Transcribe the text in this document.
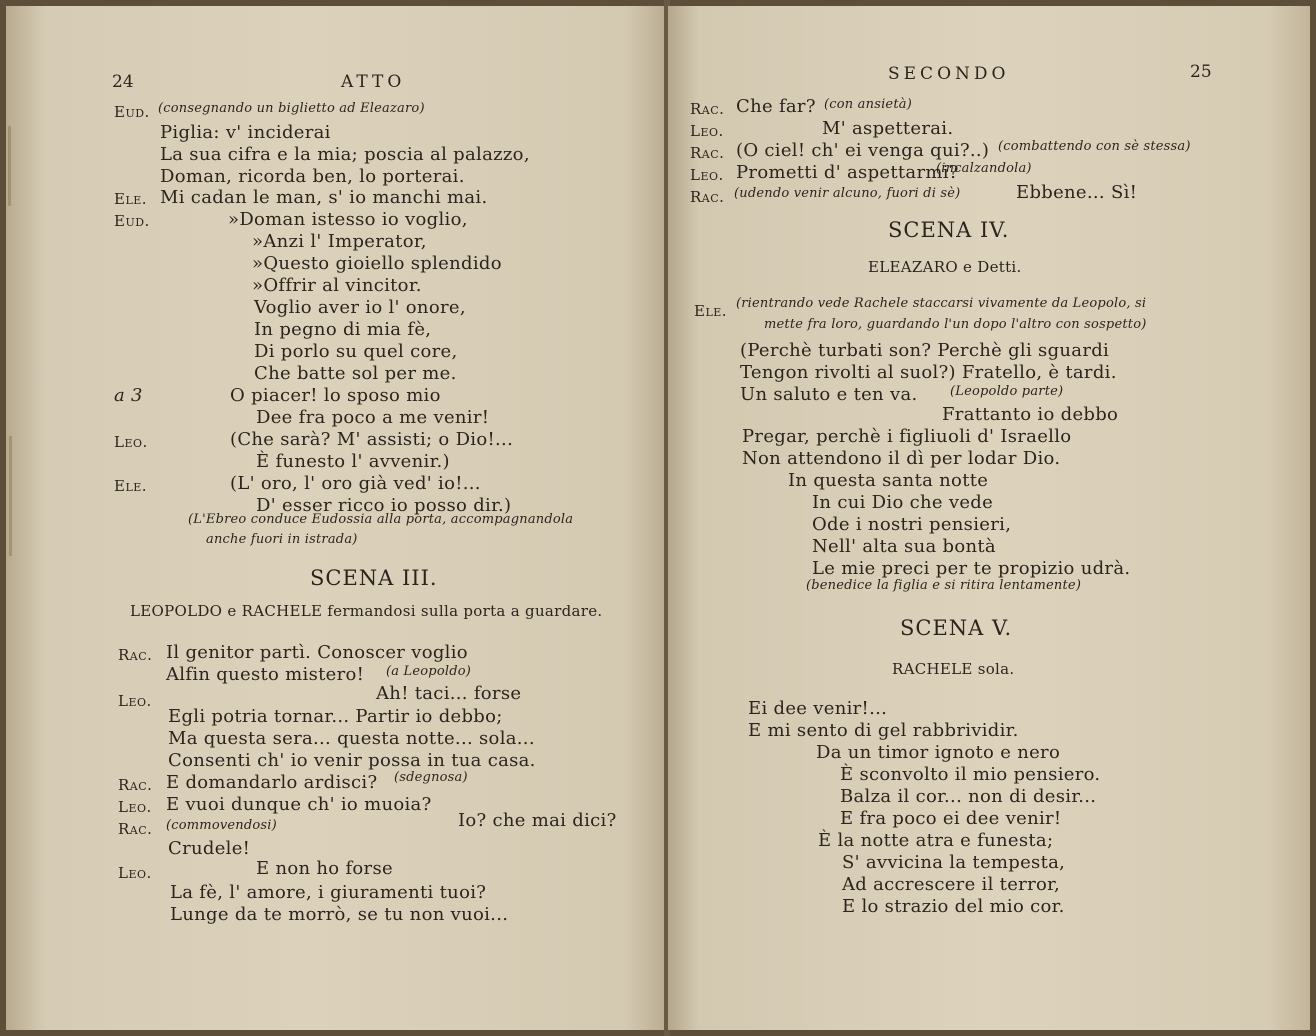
24	ATTO
Eud. (consegnando un biglietto ad Eleazaro)
Piglia: v' inciderai
La sua cifra e la mia; poscia al palazzo,
Doman, ricorda ben, lo porterai.
Ele. Mi cadan le man, s' io manchi mai.
Eud.	»Doman istesso io voglio,
»Anzi l' Imperator,
»Questo gioiello splendido
»Offrir al vincitor.
Voglio aver io l' onore,
In pegno di mia fè,
Di porlo su quel core,
Che batte sol per me.
a 3	O piacer! lo sposo mio
Dee fra poco a me venir!
Leo.	(Che sarà? M' assisti; o Dio!...
È funesto l' avvenir.)
Ele.	(L' oro, l' oro già ved' io!...
D' esser ricco io posso dir.)
(L'Ebreo conduce Eudossia alla porta, accompagnandola
anche fuori in istrada)
SCENA III.
LEOPOLDO e RACHELE fermandosi sulla porta a guardare.
Rac. Il genitor partì. Conoscer voglio
Alfin questo mistero! (a Leopoldo)
Leo.	Ah! taci... forse
Egli potria tornar... Partir io debbo;
Ma questa sera... questa notte... sola...
Consenti ch' io venir possa in tua casa.
Rac. E domandarlo ardisci? (sdegnosa)
Leo. E vuoi dunque ch' io muoia?
Rac. (commovendosi)	Io? che mai dici?
Crudele!
Leo.	E non ho forse
La fè, l' amore, i giuramenti tuoi?
Lunge da te morrò, se tu non vuoi...
SECONDO	25
Rac. Che far? (con ansietà)
Leo.	M' aspetterai.
Rac. (O ciel! ch' ei venga qui?..) (combattendo con sè stessa)
Leo. Prometti d' aspettarmi?
(incalzandola)
Rac. (udendo venir alcuno, fuori di sè)	Ebbene... Sì!
SCENA IV.
ELEAZARO e Detti.
Ele. (rientrando vede Rachele staccarsi vivamente da Leopolo, si
mette fra loro, guardando l'un dopo l'altro con sospetto)
(Perchè turbati son? Perchè gli sguardi
Tengon rivolti al suol?) Fratello, è tardi.
Un saluto e ten va.	(Leopoldo parte)
Frattanto io debbo
Pregar, perchè i figliuoli d' Israello
Non attendono il dì per lodar Dio.
In questa santa notte
In cui Dio che vede
Ode i nostri pensieri,
Nell' alta sua bontà
Le mie preci per te propizio udrà.
(benedice la figlia e si ritira lentamente)
SCENA V.
RACHELE sola.
Ei dee venir!...
E mi sento di gel rabbrividir.
Da un timor ignoto e nero
È sconvolto il mio pensiero.
Balza il cor... non di desir...
E fra poco ei dee venir!
È la notte atra e funesta;
S' avvicina la tempesta,
Ad accrescere il terror,
E lo strazio del mio cor.
